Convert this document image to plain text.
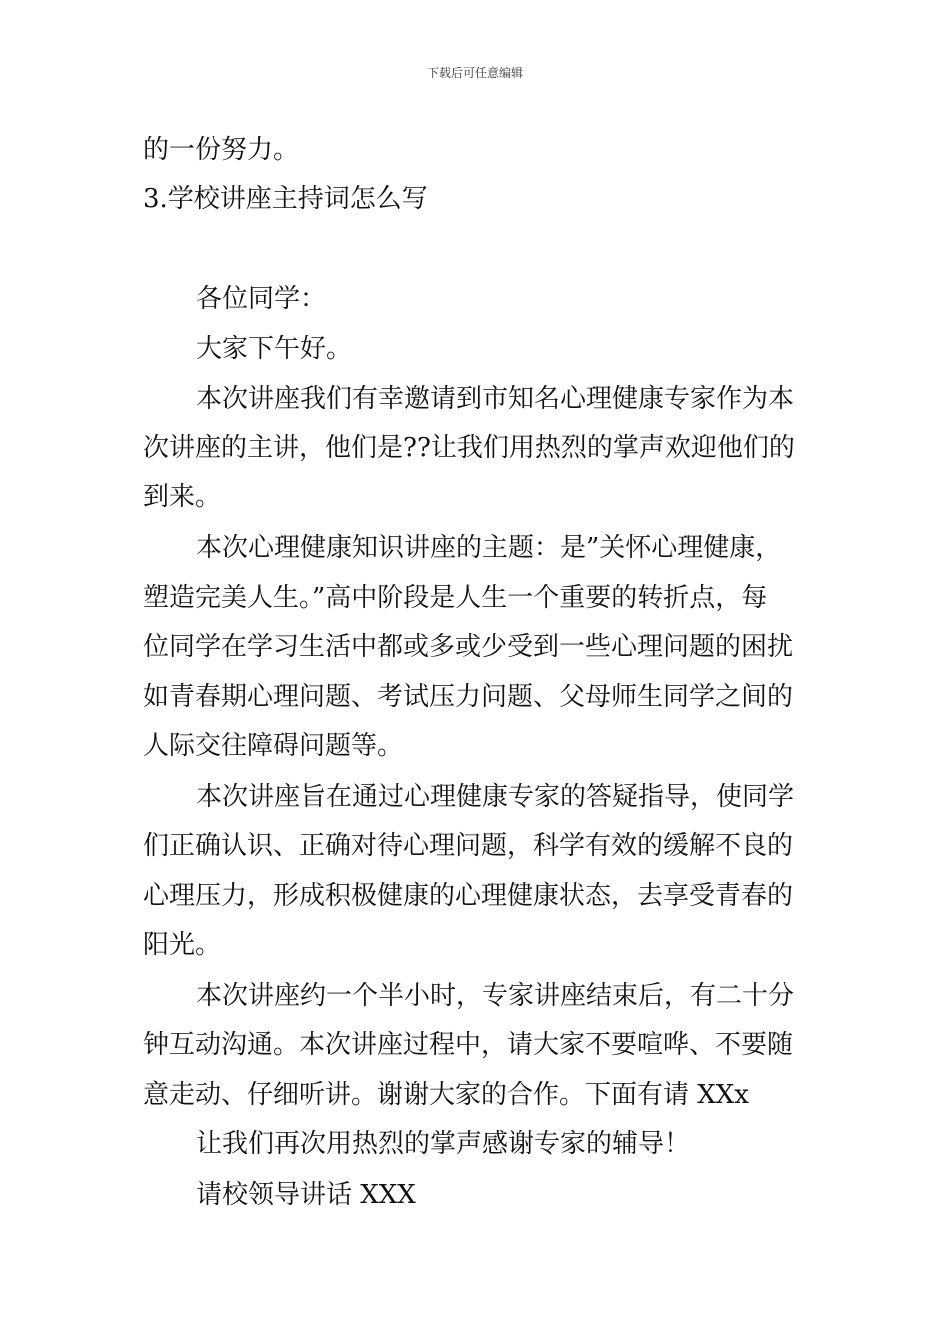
下载后可任意编辑
的一份努力。
3.学校讲座主持词怎么写
各位同学：
大家下午好。
本次讲座我们有幸邀请到市知名心理健康专家作为本
次讲座的主讲，他们是??让我们用热烈的掌声欢迎他们的
到来。
本次心理健康知识讲座的主题：是”关怀心理健康，
塑造完美人生。”高中阶段是人生一个重要的转折点，每
位同学在学习生活中都或多或少受到一些心理问题的困扰
如青春期心理问题、考试压力问题、父母师生同学之间的
人际交往障碍问题等。
本次讲座旨在通过心理健康专家的答疑指导，使同学
们正确认识、正确对待心理问题，科学有效的缓解不良的
心理压力，形成积极健康的心理健康状态，去享受青春的
阳光。
本次讲座约一个半小时，专家讲座结束后，有二十分
钟互动沟通。本次讲座过程中，请大家不要喧哗、不要随
意走动、仔细听讲。谢谢大家的合作。下面有请 XXx
让我们再次用热烈的掌声感谢专家的辅导！
请校领导讲话 XXX
